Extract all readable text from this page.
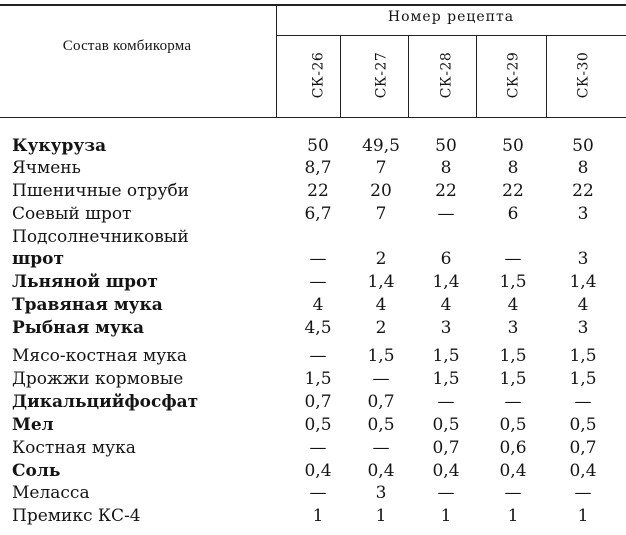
Состав комбикорма
Номер рецепта
СК-26	СК-27	СК-28	СК-29	СК-30
Кукуруза	50	49,5	50	50	50
Ячмень	8,7	7	8	8	8
Пшеничные отруби	22	20	22	22	22
Соевый шрот	6,7	7	—	6	3
Подсолнечниковый
шрот	—	2	6	—	3
Льняной шрот	—	1,4	1,4	1,5	1,4
Травяная мука	4	4	4	4	4
Рыбная мука	4,5	2	3	3	3
Мясо-костная мука	—	1,5	1,5	1,5	1,5
Дрожжи кормовые	1,5	—	1,5	1,5	1,5
Дикальцийфосфат	0,7	0,7	—	—	—
Мел	0,5	0,5	0,5	0,5	0,5
Костная мука	—	—	0,7	0,6	0,7
Соль	0,4	0,4	0,4	0,4	0,4
Меласса	—	3	—	—	—
Премикс КС-4	1	1	1	1	1
